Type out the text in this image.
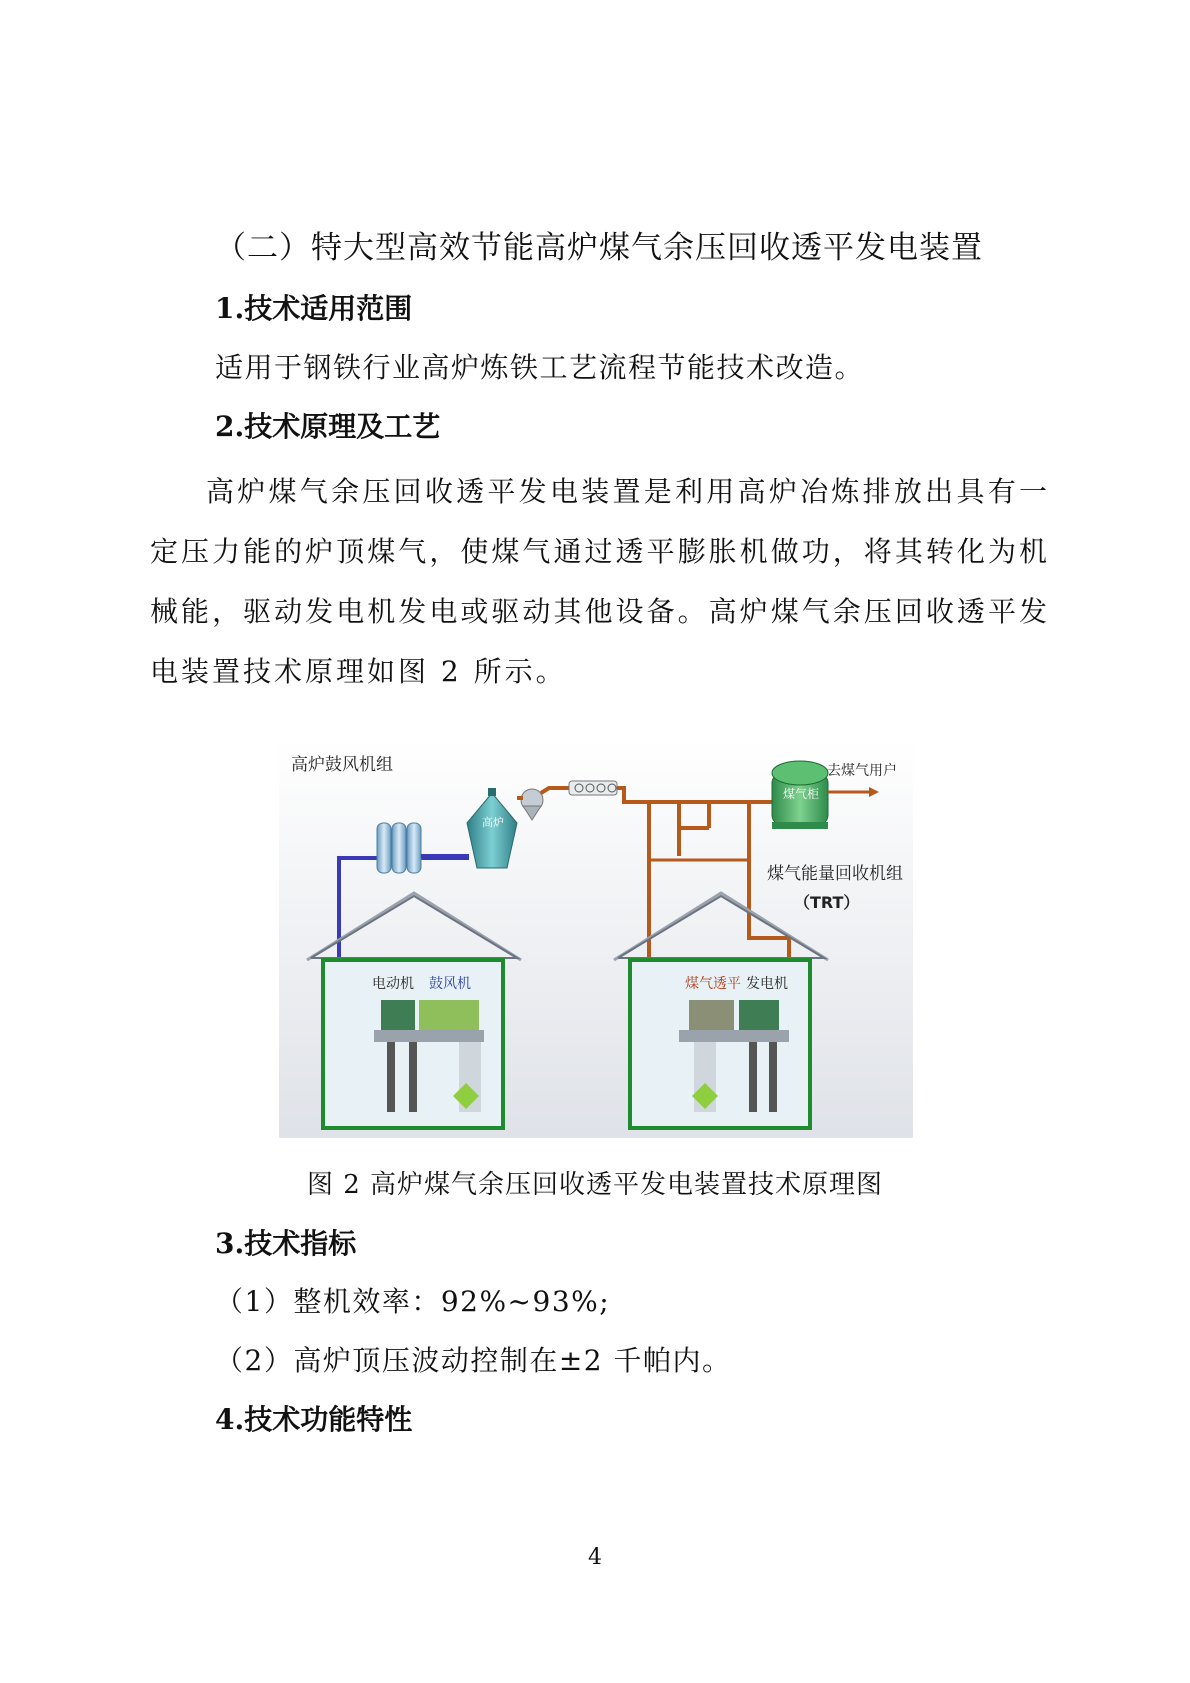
（二）特大型高效节能高炉煤气余压回收透平发电装置
1.技术适用范围
适用于钢铁行业高炉炼铁工艺流程节能技术改造。
2.技术原理及工艺

高炉煤气余压回收透平发电装置是利用高炉冶炼排放出具有一定压力能的炉顶煤气，使煤气通过透平膨胀机做功，将其转化为机械能，驱动发电机发电或驱动其他设备。高炉煤气余压回收透平发电装置技术原理如图 2 所示。

高炉鼓风机组
高炉
煤气柜
去煤气用户
煤气能量回收机组
（TRT）
电动机 鼓风机	煤气透平 发电机
图 2 高炉煤气余压回收透平发电装置技术原理图
3.技术指标
（1）整机效率：92%~93%;
（2）高炉顶压波动控制在±2 千帕内。
4.技术功能特性
4
